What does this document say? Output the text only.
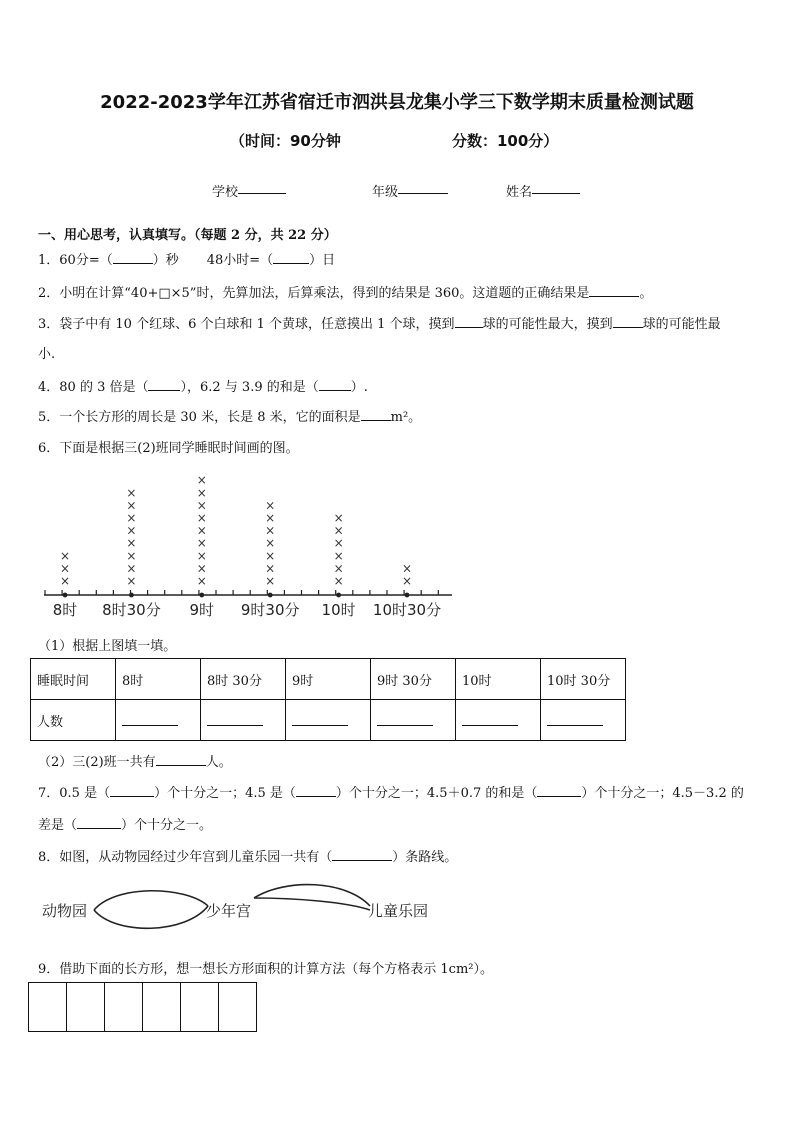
2022-2023学年江苏省宿迁市泗洪县龙集小学三下数学期末质量检测试题
（时间：90分钟	分数：100分）
学校	年级	姓名
一、用心思考，认真填写。（每题 2 分，共 22 分）
1．60分=（	）秒 48小时=（	）日
2．小明在计算“40+□×5”时，先算加法，后算乘法，得到的结果是 360。这道题的正确结果是	。
3．袋子中有 10 个红球、6 个白球和 1 个黄球，任意摸出 1 个球，摸到 球的可能性最大，摸到 球的可能性最
小.
4．80 的 3 倍是（ ），6.2 与 3.9 的和是（ ）.
5．一个长方形的周长是 30 米，长是 8 米，它的面积是 m²。
6．下面是根据三(2)班同学睡眠时间画的图。
×
×
×
8时
×
×
×
×
×
×
×
×
8时30分
×
×
×
×
×
×
×
×
×
9时
×
×
×
×
×
×
×
9时30分
×
×
×
×
×
×
10时
×
×
10时30分
（1）根据上图填一填。
睡眠时间	8时	8时 30分	9时	9时 30分	10时	10时 30分
人数						
（2）三(2)班一共有	人。
7．0.5 是（	）个十分之一；4.5 是（	）个十分之一；4.5＋0.7 的和是（	）个十分之一；4.5－3.2 的
差是（	）个十分之一。
8．如图，从动物园经过少年宫到儿童乐园一共有（	）条路线。
动物园	少年宫	儿童乐园
9．借助下面的长方形，想一想长方形面积的计算方法（每个方格表示 1cm²）。
